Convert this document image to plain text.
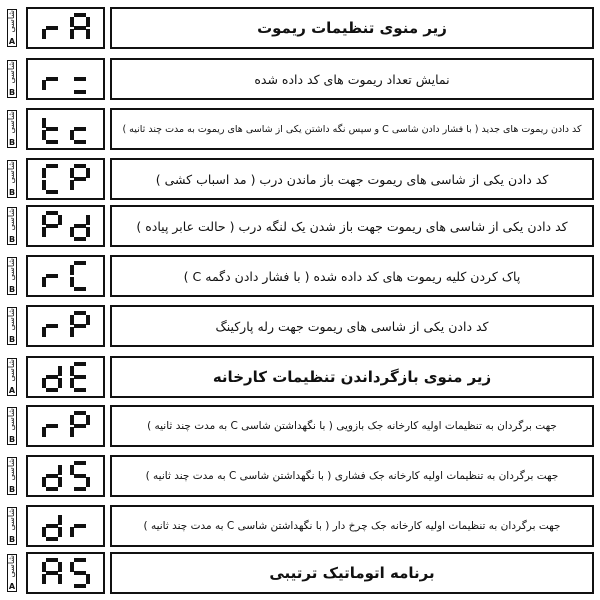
شاسی
A
زیر منوی تنظیمات ریموت
شاسی
B
نمایش تعداد ریموت های کد داده شده
شاسی
B
کد دادن ریموت های جدید ( با فشار دادن شاسی C و سپس نگه داشتن یکی از شاسی های ریموت به مدت چند ثانیه )
شاسی
B
کد دادن یکی از شاسی های ریموت جهت باز ماندن درب ( مد اسباب کشی )
شاسی
B
کد دادن یکی از شاسی های ریموت جهت باز شدن یک لنگه درب ( حالت عابر پیاده )
شاسی
B
پاک کردن کلیه ریموت های کد داده شده ( با فشار دادن دگمه C )
شاسی
B
کد دادن یکی از شاسی های ریموت جهت رله پارکینگ
شاسی
A
زیر منوی بازگرداندن تنظیمات کارخانه
شاسی
B
جهت برگردان به تنظیمات اولیه کارخانه جک بازویی ( با نگهداشتن شاسی C به مدت چند ثانیه )
شاسی
B
جهت برگردان به تنظیمات اولیه کارخانه جک فشاری ( با نگهداشتن شاسی C به مدت چند ثانیه )
شاسی
B
جهت برگردان به تنظیمات اولیه کارخانه جک چرخ دار ( با نگهداشتن شاسی C به مدت چند ثانیه )
شاسی
A
برنامه اتوماتیک ترتیبی
